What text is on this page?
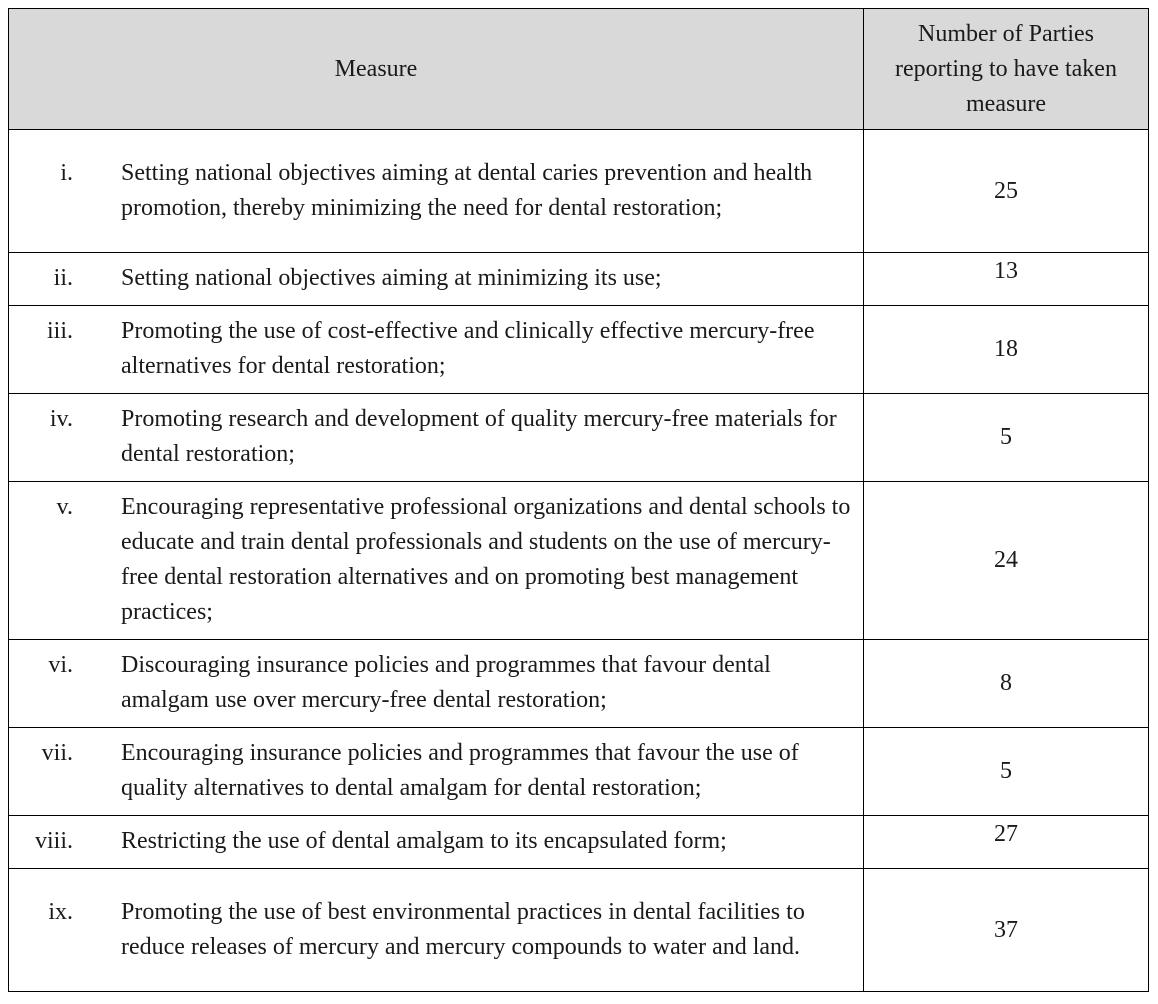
Measure	Number of Parties
reporting to have taken
measure

i. Setting national objectives aiming at dental caries prevention and health promotion, thereby minimizing the need for dental restoration;	25

ii. Setting national objectives aiming at minimizing its use;	13

iii. Promoting the use of cost-effective and clinically effective mercury-free alternatives for dental restoration;	18

iv. Promoting research and development of quality mercury-free materials for dental restoration;	5

v. Encouraging representative professional organizations and dental schools to educate and train dental professionals and students on the use of mercury-free dental restoration alternatives and on promoting best management practices;	24

vi. Discouraging insurance policies and programmes that favour dental amalgam use over mercury-free dental restoration;	8

vii. Encouraging insurance policies and programmes that favour the use of quality alternatives to dental amalgam for dental restoration;	5

viii. Restricting the use of dental amalgam to its encapsulated form;	27

ix. Promoting the use of best environmental practices in dental facilities to reduce releases of mercury and mercury compounds to water and land.	37
